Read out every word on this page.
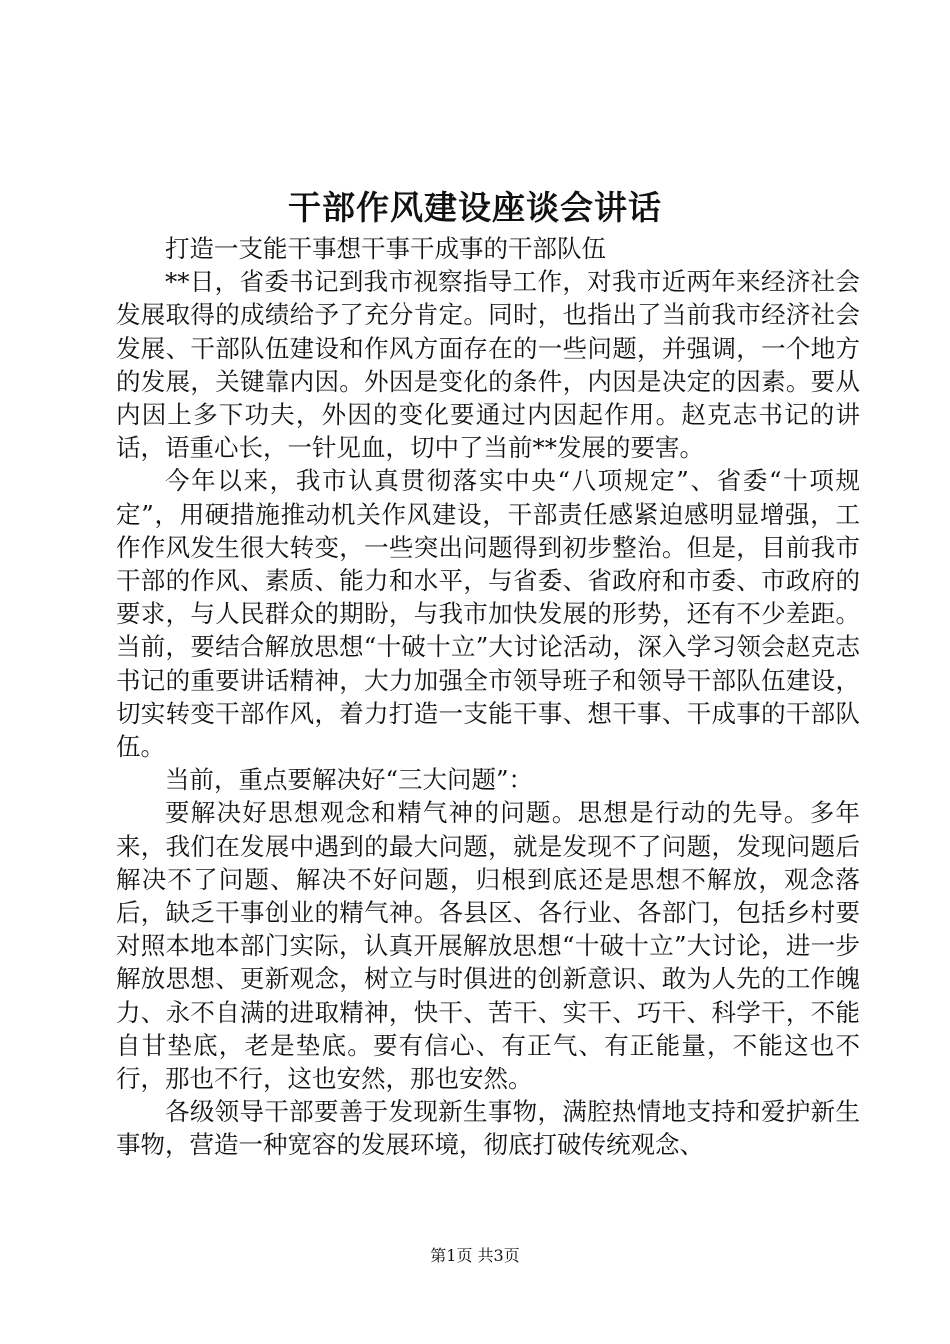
干部作风建设座谈会讲话

打造一支能干事想干事干成事的干部队伍

**日，省委书记到我市视察指导工作，对我市近两年来经济社会发展取得的成绩给予了充分肯定。同时，也指出了当前我市经济社会发展、干部队伍建设和作风方面存在的一些问题，并强调，一个地方的发展，关键靠内因。外因是变化的条件，内因是决定的因素。要从内因上多下功夫，外因的变化要通过内因起作用。赵克志书记的讲话，语重心长，一针见血，切中了当前**发展的要害。

今年以来，我市认真贯彻落实中央“八项规定”、省委“十项规定”，用硬措施推动机关作风建设，干部责任感紧迫感明显增强，工作作风发生很大转变，一些突出问题得到初步整治。但是，目前我市干部的作风、素质、能力和水平，与省委、省政府和市委、市政府的要求，与人民群众的期盼，与我市加快发展的形势，还有不少差距。当前，要结合解放思想“十破十立”大讨论活动，深入学习领会赵克志书记的重要讲话精神，大力加强全市领导班子和领导干部队伍建设，切实转变干部作风，着力打造一支能干事、想干事、干成事的干部队伍。

当前，重点要解决好“三大问题”：

要解决好思想观念和精气神的问题。思想是行动的先导。多年来，我们在发展中遇到的最大问题，就是发现不了问题，发现问题后解决不了问题、解决不好问题，归根到底还是思想不解放，观念落后，缺乏干事创业的精气神。各县区、各行业、各部门，包括乡村要对照本地本部门实际，认真开展解放思想“十破十立”大讨论，进一步解放思想、更新观念，树立与时俱进的创新意识、敢为人先的工作魄力、永不自满的进取精神，快干、苦干、实干、巧干、科学干，不能自甘垫底，老是垫底。要有信心、有正气、有正能量，不能这也不行，那也不行，这也安然，那也安然。

各级领导干部要善于发现新生事物，满腔热情地支持和爱护新生事物，营造一种宽容的发展环境，彻底打破传统观念、

第1页 共3页
